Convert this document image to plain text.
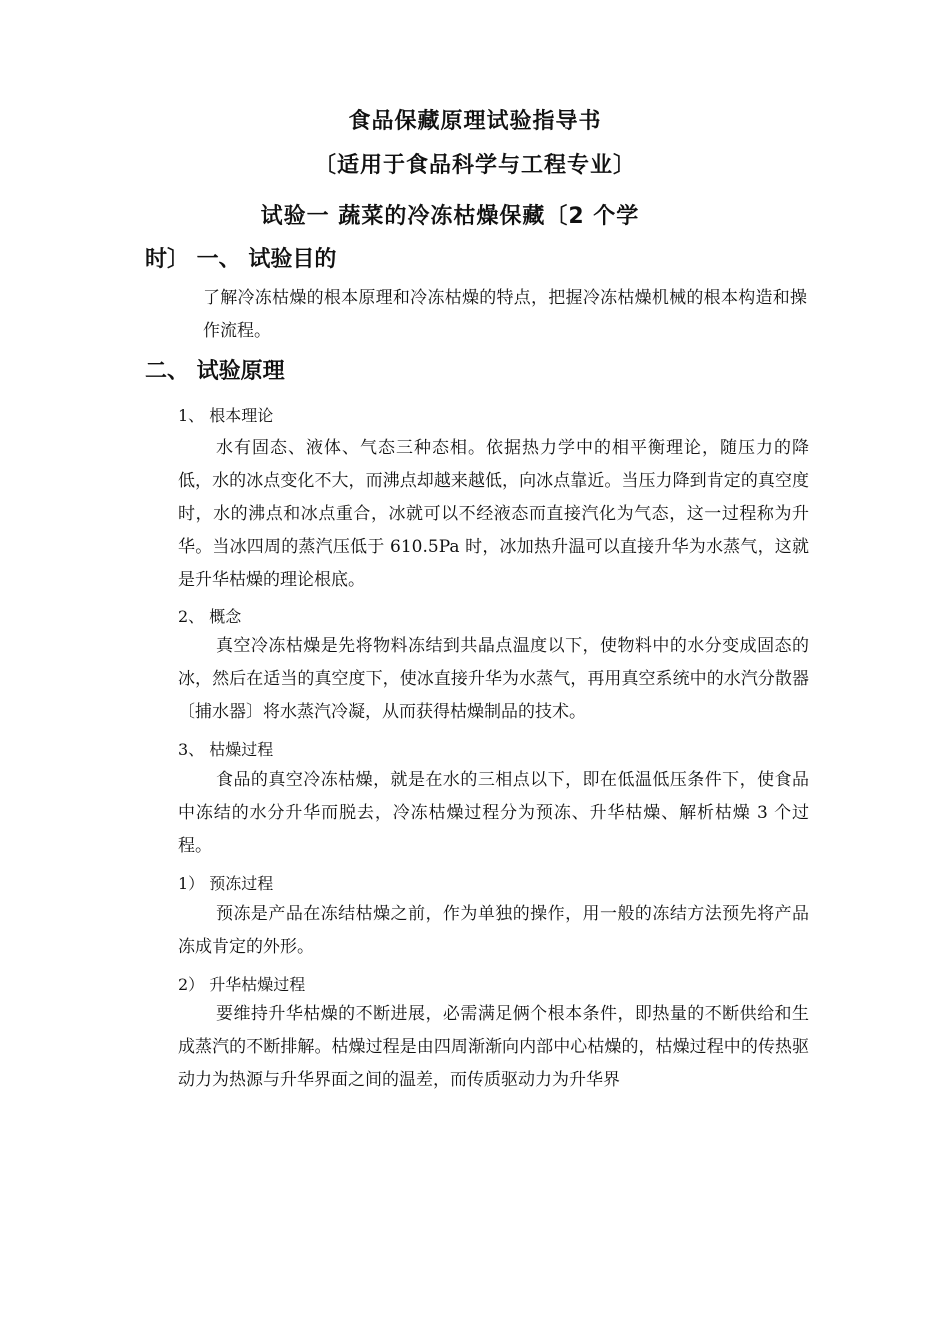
食品保藏原理试验指导书
〔适用于食品科学与工程专业〕
试验一 蔬菜的冷冻枯燥保藏〔2 个学
时〕 一、 试验目的
了解冷冻枯燥的根本原理和冷冻枯燥的特点，把握冷冻枯燥机械的根本构造和操作流程。
二、 试验原理
1、 根本理论
水有固态、液体、气态三种态相。依据热力学中的相平衡理论，随压力的降低，水的冰点变化不大，而沸点却越来越低，向冰点靠近。当压力降到肯定的真空度时，水的沸点和冰点重合，冰就可以不经液态而直接汽化为气态，这一过程称为升华。当冰四周的蒸汽压低于 610.5Pa 时，冰加热升温可以直接升华为水蒸气，这就是升华枯燥的理论根底。
2、 概念
真空冷冻枯燥是先将物料冻结到共晶点温度以下，使物料中的水分变成固态的冰，然后在适当的真空度下，使冰直接升华为水蒸气，再用真空系统中的水汽分散器〔捕水器〕将水蒸汽冷凝，从而获得枯燥制品的技术。
3、 枯燥过程
食品的真空冷冻枯燥，就是在水的三相点以下，即在低温低压条件下，使食品中冻结的水分升华而脱去，冷冻枯燥过程分为预冻、升华枯燥、解析枯燥 3 个过程。
1） 预冻过程
预冻是产品在冻结枯燥之前，作为单独的操作，用一般的冻结方法预先将产品冻成肯定的外形。
2） 升华枯燥过程
要维持升华枯燥的不断进展，必需满足俩个根本条件，即热量的不断供给和生成蒸汽的不断排解。枯燥过程是由四周渐渐向内部中心枯燥的，枯燥过程中的传热驱动力为热源与升华界面之间的温差，而传质驱动力为升华界
